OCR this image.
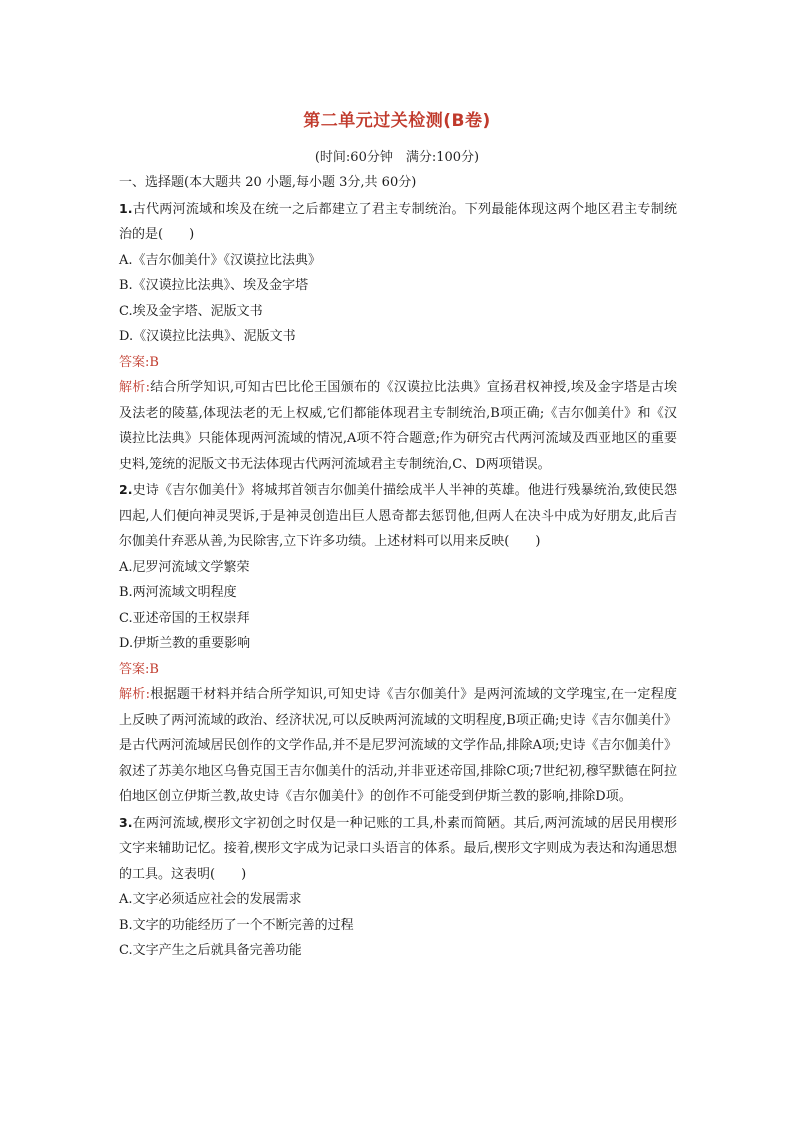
第二单元过关检测(B卷)
(时间:60分钟　满分:100分)
一、选择题(本大题共 20 小题,每小题 3分,共 60分)
1.古代两河流域和埃及在统一之后都建立了君主专制统治。下列最能体现这两个地区君主专制统治的是(　　)
A.《吉尔伽美什》《汉谟拉比法典》
B.《汉谟拉比法典》、埃及金字塔
C.埃及金字塔、泥版文书
D.《汉谟拉比法典》、泥版文书
答案:B
解析:结合所学知识,可知古巴比伦王国颁布的《汉谟拉比法典》宣扬君权神授,埃及金字塔是古埃及法老的陵墓,体现法老的无上权威,它们都能体现君主专制统治,B项正确;《吉尔伽美什》和《汉谟拉比法典》只能体现两河流域的情况,A项不符合题意;作为研究古代两河流域及西亚地区的重要史料,笼统的泥版文书无法体现古代两河流域君主专制统治,C、D两项错误。
2.史诗《吉尔伽美什》将城邦首领吉尔伽美什描绘成半人半神的英雄。他进行残暴统治,致使民怨四起,人们便向神灵哭诉,于是神灵创造出巨人恩奇都去惩罚他,但两人在决斗中成为好朋友,此后吉尔伽美什弃恶从善,为民除害,立下许多功绩。上述材料可以用来反映(　　)
A.尼罗河流域文学繁荣
B.两河流域文明程度
C.亚述帝国的王权崇拜
D.伊斯兰教的重要影响
答案:B
解析:根据题干材料并结合所学知识,可知史诗《吉尔伽美什》是两河流域的文学瑰宝,在一定程度上反映了两河流域的政治、经济状况,可以反映两河流域的文明程度,B项正确;史诗《吉尔伽美什》是古代两河流域居民创作的文学作品,并不是尼罗河流域的文学作品,排除A项;史诗《吉尔伽美什》叙述了苏美尔地区乌鲁克国王吉尔伽美什的活动,并非亚述帝国,排除C项;7世纪初,穆罕默德在阿拉伯地区创立伊斯兰教,故史诗《吉尔伽美什》的创作不可能受到伊斯兰教的影响,排除D项。
3.在两河流域,楔形文字初创之时仅是一种记账的工具,朴素而简陋。其后,两河流域的居民用楔形文字来辅助记忆。接着,楔形文字成为记录口头语言的体系。最后,楔形文字则成为表达和沟通思想的工具。这表明(　　)
A.文字必须适应社会的发展需求
B.文字的功能经历了一个不断完善的过程
C.文字产生之后就具备完善功能
